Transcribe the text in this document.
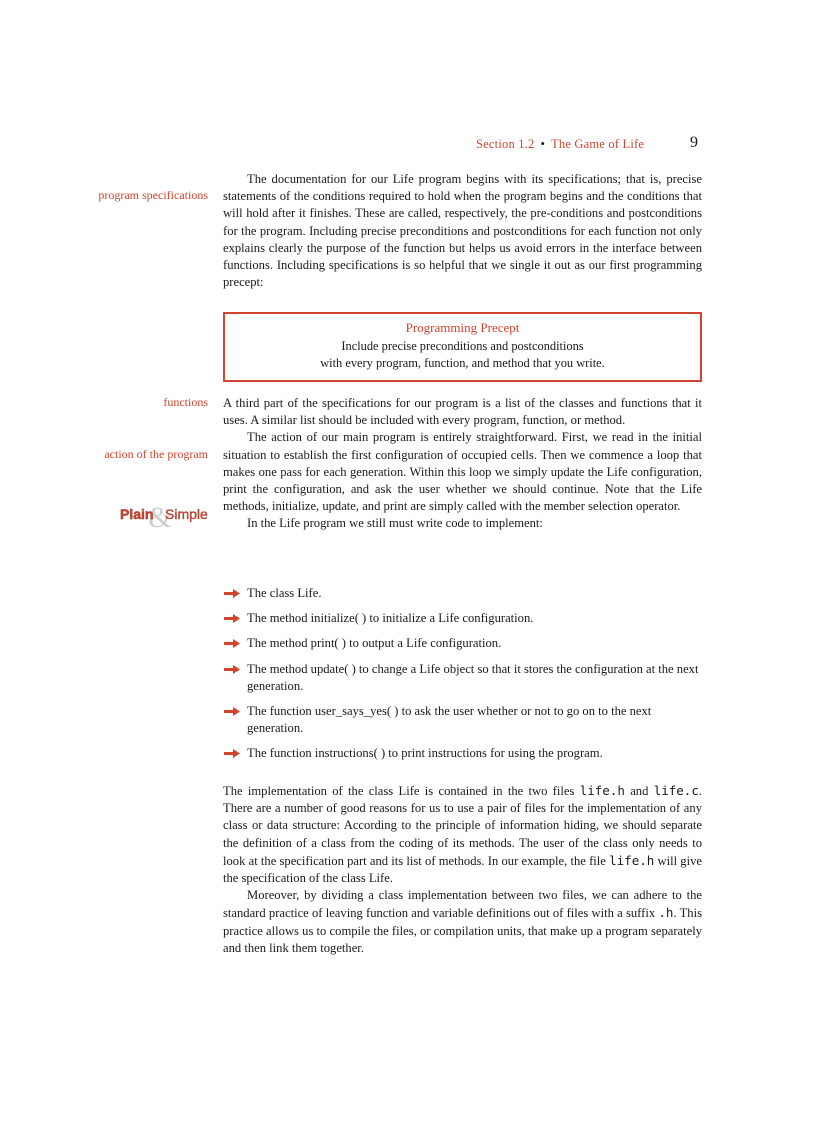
Section 1.2 • The Game of Life	9
program specifications
functions
action of the program

The documentation for our Life program begins with its specifications; that is, precise statements of the conditions required to hold when the program begins and the conditions that will hold after it finishes. These are called, respectively, the pre-conditions and postconditions for the program. Including precise preconditions and postconditions for each function not only explains clearly the purpose of the function but helps us avoid errors in the interface between functions. Including specifications is so helpful that we single it out as our first programming precept:

Programming Precept
Include precise preconditions and postconditions
with every program, function, and method that you write.

A third part of the specifications for our program is a list of the classes and functions that it uses. A similar list should be included with every program, function, or method.

The action of our main program is entirely straightforward. First, we read in the initial situation to establish the first configuration of occupied cells. Then we commence a loop that makes one pass for each generation. Within this loop we simply update the Life configuration, print the configuration, and ask the user whether we should continue. Note that the Life methods, initialize, update, and print are simply called with the member selection operator.

In the Life program we still must write code to implement:

&
Plain Simple
The class Life.
The method initialize( ) to initialize a Life configuration.
The method print( ) to output a Life configuration.
The method update( ) to change a Life object so that it stores the configuration at the next generation.
The function user_says_yes( ) to ask the user whether or not to go on to the next generation.
The function instructions( ) to print instructions for using the program.

The implementation of the class Life is contained in the two files life.h and life.c. There are a number of good reasons for us to use a pair of files for the implementation of any class or data structure: According to the principle of information hiding, we should separate the definition of a class from the coding of its methods. The user of the class only needs to look at the specification part and its list of methods. In our example, the file life.h will give the specification of the class Life.

Moreover, by dividing a class implementation between two files, we can adhere to the standard practice of leaving function and variable definitions out of files with a suffix .h. This practice allows us to compile the files, or compilation units, that make up a program separately and then link them together.
